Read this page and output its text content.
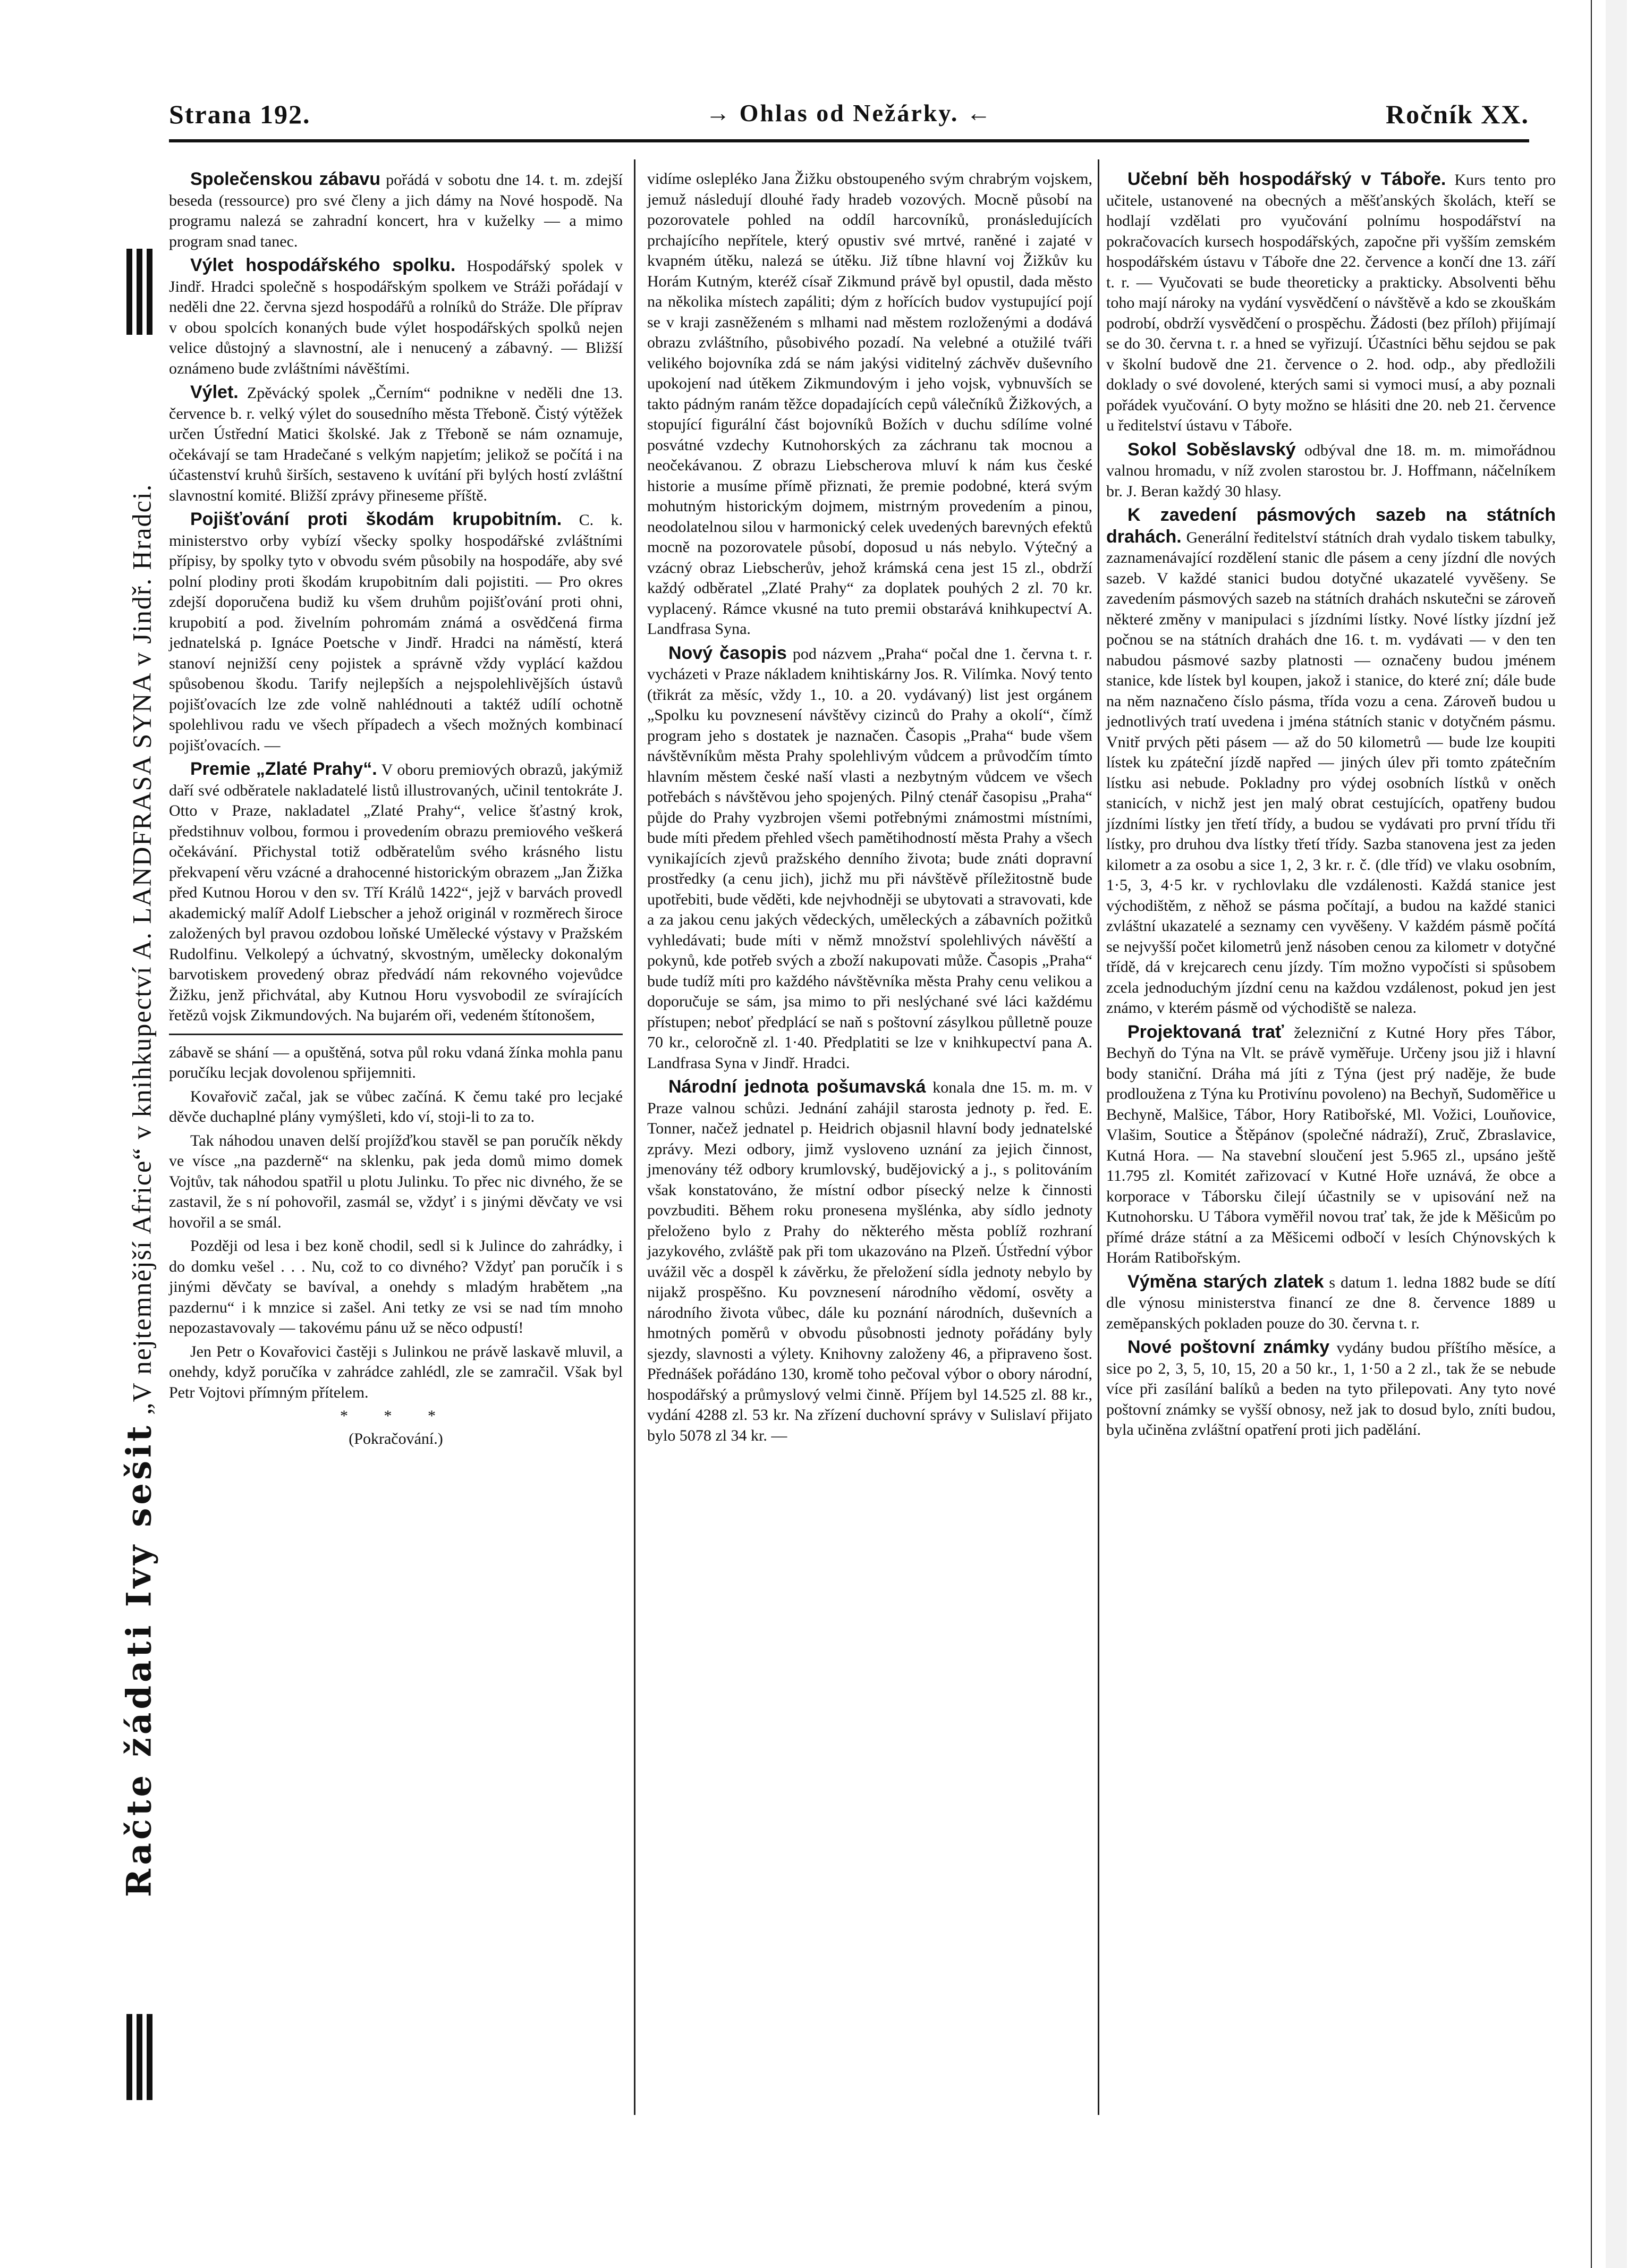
Strana 192.	→ Ohlas od Nežárky. ←	Ročník XX.
Račte žádati Ivy sešit „V nejtemnější Africe“ v knihkupectví A. LANDFRASA SYNA v Jindř. Hradci.

Společenskou zábavu pořádá v sobotu dne 14. t. m. zdejší beseda (ressource) pro své členy a jich dámy na Nové hospodě. Na programu nalezá se zahradní koncert, hra v kuželky — a mimo program snad tanec.

Výlet hospodářského spolku. Hospodářský spolek v Jindř. Hradci společně s hospodářským spolkem ve Stráži pořádají v neděli dne 22. června sjezd hospodářů a rolníků do Stráže. Dle příprav v obou spolcích konaných bude výlet hospodářských spolků nejen velice důstojný a slavnostní, ale i nenucený a zábavný. — Bližší oznámeno bude zvláštními návěštími.

Výlet. Zpěvácký spolek „Černím“ podnikne v neděli dne 13. července b. r. velký výlet do sousedního města Třeboně. Čistý výtěžek určen Ústřední Matici školské. Jak z Třeboně se nám oznamuje, očekávají se tam Hradečané s velkým napjetím; jelikož se počítá i na účastenství kruhů širších, sestaveno k uvítání při bylých hostí zvláštní slavnostní komité. Bližší zprávy přineseme příště.

Pojišťování proti škodám krupobitním. C. k. ministerstvo orby vybízí všecky spolky hospodářské zvláštními přípisy, by spolky tyto v obvodu svém působily na hospodáře, aby své polní plodiny proti škodám krupobitním dali pojistiti. — Pro okres zdejší doporučena budiž ku všem druhům pojišťování proti ohni, krupobití a pod. živelním pohromám známá a osvědčená firma jednatelská p. Ignáce Poetsche v Jindř. Hradci na náměstí, která stanoví nejnižší ceny pojistek a správně vždy vyplácí každou spůsobenou škodu. Tarify nejlepších a nejspolehlivějších ústavů pojišťovacích lze zde volně nahlédnouti a taktéž udílí ochotně spolehlivou radu ve všech případech a všech možných kombinací pojišťovacích. —

Premie „Zlaté Prahy“. V oboru premiových obrazů, jakýmiž daří své odběratele nakladatelé listů illustrovaných, učinil tentokráte J. Otto v Praze, nakladatel „Zlaté Prahy“, velice šťastný krok, předstihnuv volbou, formou i provedením obrazu premiového veškerá očekávání. Přichystal totiž odběratelům svého krásného listu překvapení věru vzácné a drahocenné historickým obrazem „Jan Žižka před Kutnou Horou v den sv. Tří Králů 1422“, jejž v barvách provedl akademický malíř Adolf Liebscher a jehož originál v rozměrech široce založených byl pravou ozdobou loňské Umělecké výstavy v Pražském Rudolfinu. Velkolepý a úchvatný, skvostným, umělecky dokonalým barvotiskem provedený obraz předvádí nám rekovného vojevůdce Žižku, jenž přichvátal, aby Kutnou Horu vysvobodil ze svírajících řetězů vojsk Zikmundových. Na bujarém oři, vedeném štítonošem,

zábavě se shání — a opuštěná, sotva půl roku vdaná žínka mohla panu poručíku lecjak dovolenou spřijemniti.

Kovařovič začal, jak se vůbec začíná. K čemu také pro lecjaké děvče duchaplné plány vymýšleti, kdo ví, stoji-li to za to.

Tak náhodou unaven delší projížďkou stavěl se pan poručík někdy ve vísce „na pazderně“ na sklenku, pak jeda domů mimo domek Vojtův, tak náhodou spatřil u plotu Julinku. To přec nic divného, že se zastavil, že s ní pohovořil, zasmál se, vždyť i s jinými děvčaty ve vsi hovořil a se smál.

Později od lesa i bez koně chodil, sedl si k Julince do zahrádky, i do domku vešel . . . Nu, což to co divného? Vždyť pan poručík i s jinými děvčaty se bavíval, a onehdy s mladým hrabětem „na pazdernu“ i k mnzice si zašel. Ani tetky ze vsi se nad tím mnoho nepozastavovaly — takovému pánu už se něco odpustí!

Jen Petr o Kovařovici častěji s Julinkou ne právě laskavě mluvil, a onehdy, když poručíka v zahrádce zahlédl, zle se zamračil. Však byl Petr Vojtovi přímným přítelem.

* * *
(Pokračování.)

vidíme oslepléko Jana Žižku obstoupeného svým chrabrým vojskem, jemuž následují dlouhé řady hradeb vozových. Mocně působí na pozorovatele pohled na oddíl harcovníků, pronásledujících prchajícího nepřítele, který opustiv své mrtvé, raněné i zajaté v kvapném útěku, nalezá se útěku. Již tíbne hlavní voj Žižkův ku Horám Kutným, kteréž císař Zikmund právě byl opustil, dada město na několika místech zapáliti; dým z hořících budov vystupující pojí se v kraji zasněženém s mlhami nad městem rozloženými a dodává obrazu zvláštního, působivého pozadí. Na velebné a otužilé tváři velikého bojovníka zdá se nám jakýsi viditelný záchvěv duševního upokojení nad útěkem Zikmundovým i jeho vojsk, vybnuvších se takto pádným ranám těžce dopadajících cepů válečníků Žižkových, a stopující figurální část bojovníků Božích v duchu sdílíme volné posvátné vzdechy Kutnohorských za záchranu tak mocnou a neočekávanou. Z obrazu Liebscherova mluví k nám kus české historie a musíme přímě přiznati, že premie podobné, která svým mohutným historickým dojmem, mistrným provedením a pinou, neodolatelnou silou v harmonický celek uvedených barevných efektů mocně na pozorovatele působí, doposud u nás nebylo. Výtečný a vzácný obraz Liebscherův, jehož krámská cena jest 15 zl., obdrží každý odběratel „Zlaté Prahy“ za doplatek pouhých 2 zl. 70 kr. vyplacený. Rámce vkusné na tuto premii obstarává knihkupectví A. Landfrasa Syna.

Nový časopis pod názvem „Praha“ počal dne 1. června t. r. vycházeti v Praze nákladem knihtiskárny Jos. R. Vilímka. Nový tento (třikrát za měsíc, vždy 1., 10. a 20. vydávaný) list jest orgánem „Spolku ku povznesení návštěvy cizinců do Prahy a okolí“, čímž program jeho s dostatek je naznačen. Časopis „Praha“ bude všem návštěvníkům města Prahy spolehlivým vůdcem a průvodčím tímto hlavním městem české naší vlasti a nezbytným vůdcem ve všech potřebách s návštěvou jeho spojených. Pilný ctenář časopisu „Praha“ půjde do Prahy vyzbrojen všemi potřebnými známostmi místními, bude míti předem přehled všech pamětihodností města Prahy a všech vynikajících zjevů pražského denního života; bude znáti dopravní prostředky (a cenu jich), jichž mu při návštěvě příležitostně bude upotřebiti, bude věděti, kde nejvhodněji se ubytovati a stravovati, kde a za jakou cenu jakých vědeckých, uměleckých a zábavních požitků vyhledávati; bude míti v němž množství spolehlivých návěští a pokynů, kde potřeb svých a zboží nakupovati může. Časopis „Praha“ bude tudíž míti pro každého návštěvníka města Prahy cenu velikou a doporučuje se sám, jsa mimo to při neslýchané své láci každému přístupen; neboť předplácí se naň s poštovní zásylkou půlletně pouze 70 kr., celoročně zl. 1·40. Předplatiti se lze v knihkupectví pana A. Landfrasa Syna v Jindř. Hradci.

Národní jednota pošumavská konala dne 15. m. m. v Praze valnou schůzi. Jednání zahájil starosta jednoty p. řed. E. Tonner, načež jednatel p. Heidrich objasnil hlavní body jednatelské zprávy. Mezi odbory, jimž vysloveno uznání za jejich činnost, jmenovány též odbory krumlovský, budějovický a j., s politováním však konstatováno, že místní odbor písecký nelze k činnosti povzbuditi. Během roku pronesena myšlénka, aby sídlo jednoty přeloženo bylo z Prahy do některého města poblíž rozhraní jazykového, zvláště pak při tom ukazováno na Plzeň. Ústřední výbor uvážil věc a dospěl k závěrku, že přeložení sídla jednoty nebylo by nijakž prospěšno. Ku povznesení národního vědomí, osvěty a národního života vůbec, dále ku poznání národních, duševních a hmotných poměrů v obvodu působnosti jednoty pořádány byly sjezdy, slavnosti a výlety. Knihovny založeny 46, a připraveno šost. Přednášek pořádáno 130, kromě toho pečoval výbor o obory národní, hospodářský a průmyslový velmi činně. Příjem byl 14.525 zl. 88 kr., vydání 4288 zl. 53 kr. Na zřízení duchovní správy v Sulislaví přijato bylo 5078 zl 34 kr. —

Učební běh hospodářský v Táboře. Kurs tento pro učitele, ustanovené na obecných a měšťanských školách, kteří se hodlají vzdělati pro vyučování polnímu hospodářství na pokračovacích kursech hospodářských, započne při vyšším zemském hospodářském ústavu v Táboře dne 22. července a končí dne 13. září t. r. — Vyučovati se bude theoreticky a prakticky. Absolventi běhu toho mají nároky na vydání vysvědčení o návštěvě a kdo se zkouškám podrobí, obdrží vysvědčení o prospěchu. Žádosti (bez příloh) přijímají se do 30. června t. r. a hned se vyřizují. Účastníci běhu sejdou se pak v školní budově dne 21. července o 2. hod. odp., aby předložili doklady o své dovolené, kterých sami si vymoci musí, a aby poznali pořádek vyučování. O byty možno se hlásiti dne 20. neb 21. července u ředitelství ústavu v Táboře.

Sokol Soběslavský odbýval dne 18. m. m. mimořádnou valnou hromadu, v níž zvolen starostou br. J. Hoffmann, náčelníkem br. J. Beran každý 30 hlasy.

K zavedení pásmových sazeb na státních drahách. Generální ředitelství státních drah vydalo tiskem tabulky, zaznamenávající rozdělení stanic dle pásem a ceny jízdní dle nových sazeb. V každé stanici budou dotyčné ukazatelé vyvěšeny. Se zavedením pásmových sazeb na státních drahách nskutečni se zároveň některé změny v manipulaci s jízdními lístky. Nové lístky jízdní jež počnou se na státních drahách dne 16. t. m. vydávati — v den ten nabudou pásmové sazby platnosti — označeny budou jménem stanice, kde lístek byl koupen, jakož i stanice, do které zní; dále bude na něm naznačeno číslo pásma, třída vozu a cena. Zároveň budou u jednotlivých tratí uvedena i jména státních stanic v dotyčném pásmu. Vnitř prvých pěti pásem — až do 50 kilometrů — bude lze koupiti lístek ku zpáteční jízdě napřed — jiných úlev při tomto zpátečním lístku asi nebude. Pokladny pro výdej osobních lístků v oněch stanicích, v nichž jest jen malý obrat cestujících, opatřeny budou jízdními lístky jen třetí třídy, a budou se vydávati pro první třídu tři lístky, pro druhou dva lístky třetí třídy. Sazba stanovena jest za jeden kilometr a za osobu a sice 1, 2, 3 kr. r. č. (dle tříd) ve vlaku osobním, 1·5, 3, 4·5 kr. v rychlovlaku dle vzdálenosti. Každá stanice jest východištěm, z něhož se pásma počítají, a budou na každé stanici zvláštní ukazatelé a seznamy cen vyvěšeny. V každém pásmě počítá se nejvyšší počet kilometrů jenž násoben cenou za kilometr v dotyčné třídě, dá v krejcarech cenu jízdy. Tím možno vypočísti si spůsobem zcela jednoduchým jízdní cenu na každou vzdálenost, pokud jen jest známo, v kterém pásmě od východiště se naleza.

Projektovaná trať železniční z Kutné Hory přes Tábor, Bechyň do Týna na Vlt. se právě vyměřuje. Určeny jsou již i hlavní body staniční. Dráha má jíti z Týna (jest prý naděje, že bude prodloužena z Týna ku Protivínu povoleno) na Bechyň, Sudoměřice u Bechyně, Malšice, Tábor, Hory Ratibořské, Ml. Vožici, Louňovice, Vlašim, Soutice a Štěpánov (společné nádraží), Zruč, Zbraslavice, Kutná Hora. — Na stavební sloučení jest 5.965 zl., upsáno ještě 11.795 zl. Komitét zařizovací v Kutné Hoře uznává, že obce a korporace v Táborsku čilejí účastnily se v upisování než na Kutnohorsku. U Tábora vyměřil novou trať tak, že jde k Měšicům po přímé dráze státní a za Měšicemi odbočí v lesích Chýnovských k Horám Ratibořským.

Výměna starých zlatek s datum 1. ledna 1882 bude se dítí dle výnosu ministerstva financí ze dne 8. července 1889 u zeměpanských pokladen pouze do 30. června t. r.

Nové poštovní známky vydány budou příštího měsíce, a sice po 2, 3, 5, 10, 15, 20 a 50 kr., 1, 1·50 a 2 zl., tak že se nebude více při zasílání balíků a beden na tyto přilepovati. Any tyto nové poštovní známky se vyšší obnosy, než jak to dosud bylo, zníti budou, byla učiněna zvláštní opatření proti jich padělání.
